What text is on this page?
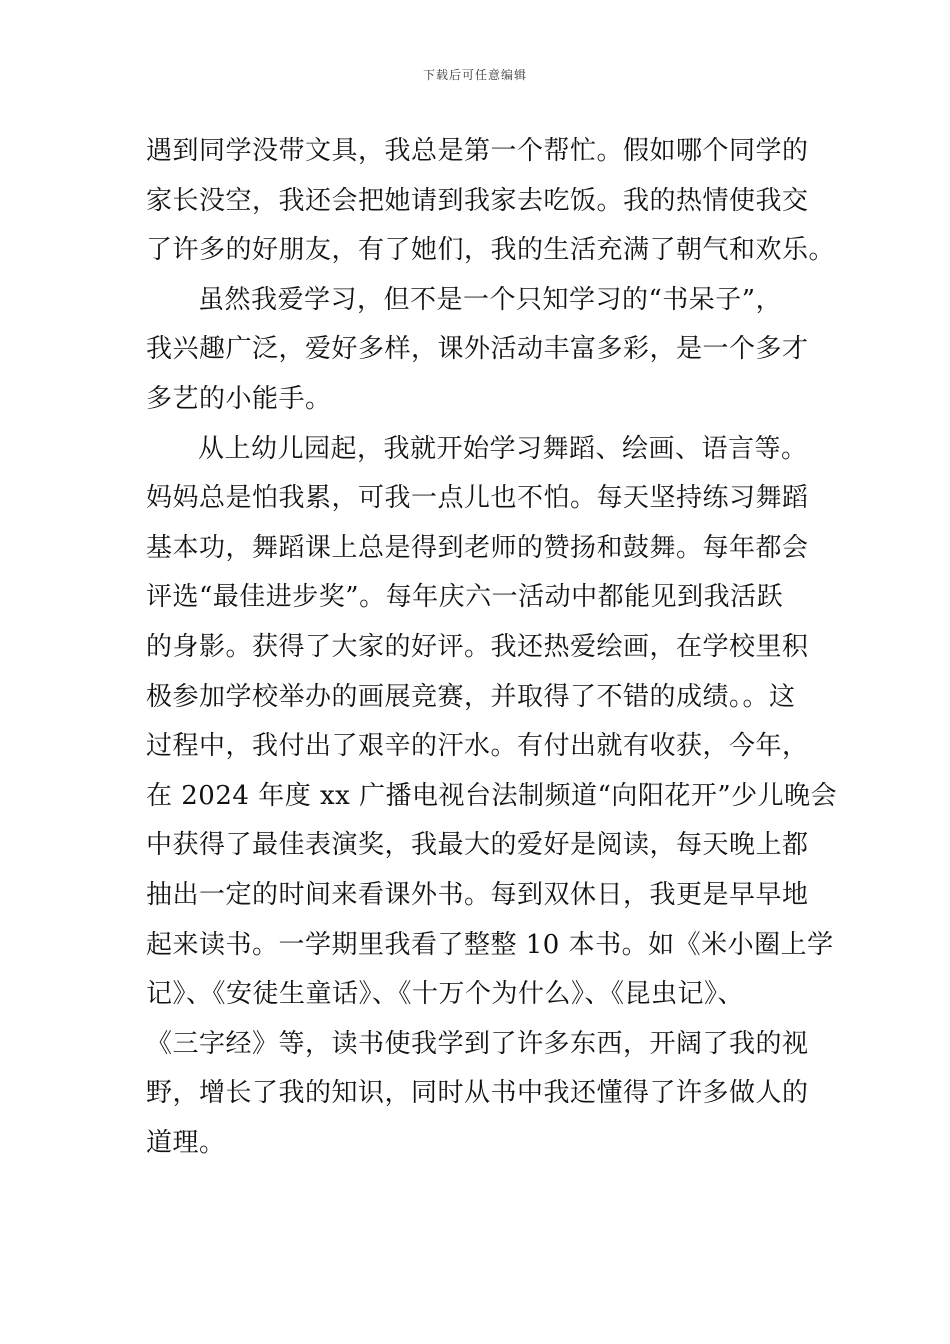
下载后可任意编辑
遇到同学没带文具，我总是第一个帮忙。假如哪个同学的
家长没空，我还会把她请到我家去吃饭。我的热情使我交
了许多的好朋友，有了她们，我的生活充满了朝气和欢乐。
虽然我爱学习，但不是一个只知学习的“书呆子”，
我兴趣广泛，爱好多样，课外活动丰富多彩，是一个多才
多艺的小能手。
从上幼儿园起，我就开始学习舞蹈、绘画、语言等。
妈妈总是怕我累，可我一点儿也不怕。每天坚持练习舞蹈
基本功，舞蹈课上总是得到老师的赞扬和鼓舞。每年都会
评选“最佳进步奖”。每年庆六一活动中都能见到我活跃
的身影。获得了大家的好评。我还热爱绘画，在学校里积
极参加学校举办的画展竞赛，并取得了不错的成绩。。这
过程中，我付出了艰辛的汗水。有付出就有收获，今年，
在 2024 年度 xx 广播电视台法制频道“向阳花开”少儿晚会
中获得了最佳表演奖，我最大的爱好是阅读，每天晚上都
抽出一定的时间来看课外书。每到双休日，我更是早早地
起来读书。一学期里我看了整整 10 本书。如《米小圈上学
记》、《安徒生童话》、《十万个为什么》、《昆虫记》、
《三字经》等，读书使我学到了许多东西，开阔了我的视
野，增长了我的知识，同时从书中我还懂得了许多做人的
道理。
